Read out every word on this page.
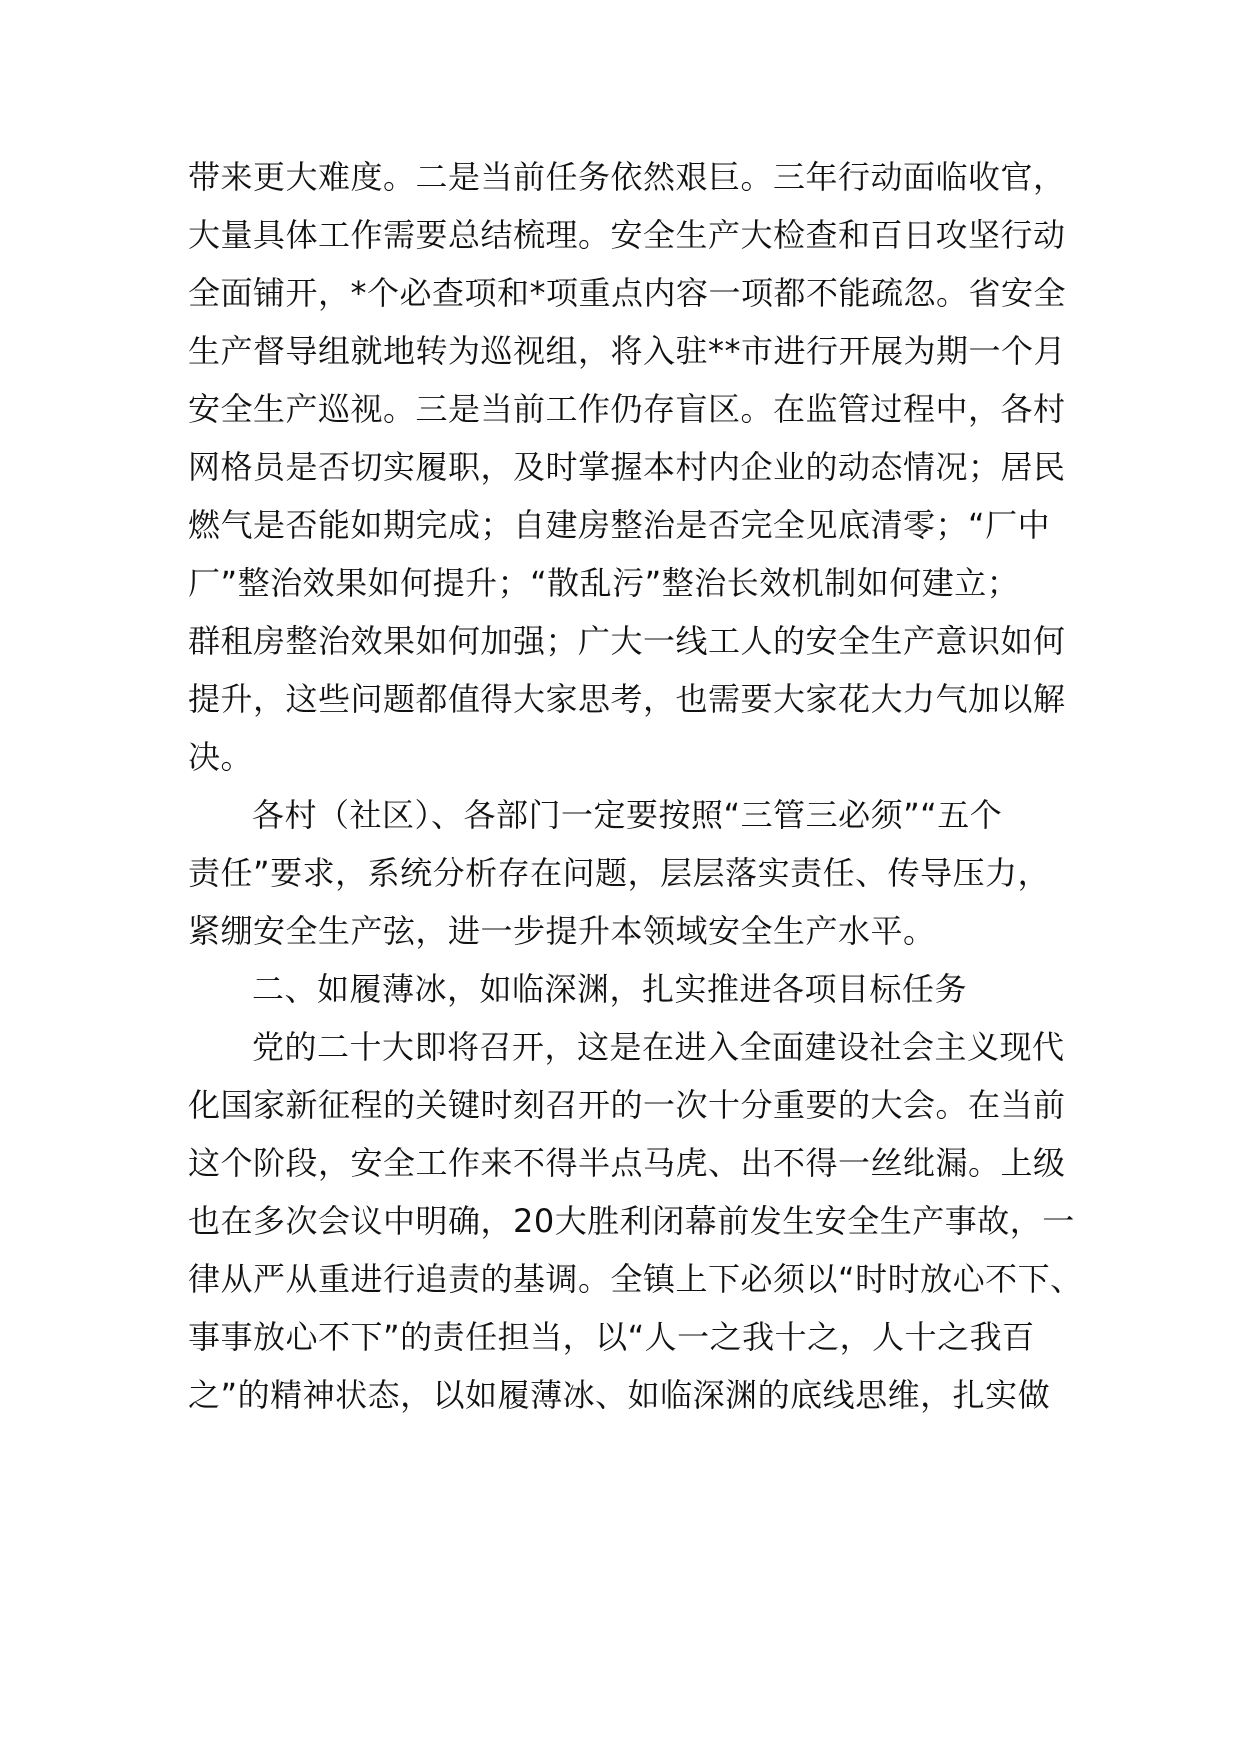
带来更大难度。二是当前任务依然艰巨。三年行动面临收官，
大量具体工作需要总结梳理。安全生产大检查和百日攻坚行动
全面铺开，*个必查项和*项重点内容一项都不能疏忽。省安全
生产督导组就地转为巡视组，将入驻**市进行开展为期一个月
安全生产巡视。三是当前工作仍存盲区。在监管过程中，各村
网格员是否切实履职，及时掌握本村内企业的动态情况；居民
燃气是否能如期完成；自建房整治是否完全见底清零；“厂中
厂”整治效果如何提升；“散乱污”整治长效机制如何建立；
群租房整治效果如何加强；广大一线工人的安全生产意识如何
提升，这些问题都值得大家思考，也需要大家花大力气加以解
决。
各村（社区）、各部门一定要按照“三管三必须”“五个
责任”要求，系统分析存在问题，层层落实责任、传导压力，
紧绷安全生产弦，进一步提升本领域安全生产水平。
二、如履薄冰，如临深渊，扎实推进各项目标任务
党的二十大即将召开，这是在进入全面建设社会主义现代
化国家新征程的关键时刻召开的一次十分重要的大会。在当前
这个阶段，安全工作来不得半点马虎、出不得一丝纰漏。上级
也在多次会议中明确，20大胜利闭幕前发生安全生产事故，一
律从严从重进行追责的基调。全镇上下必须以“时时放心不下、
事事放心不下”的责任担当，以“人一之我十之，人十之我百
之”的精神状态，以如履薄冰、如临深渊的底线思维，扎实做
